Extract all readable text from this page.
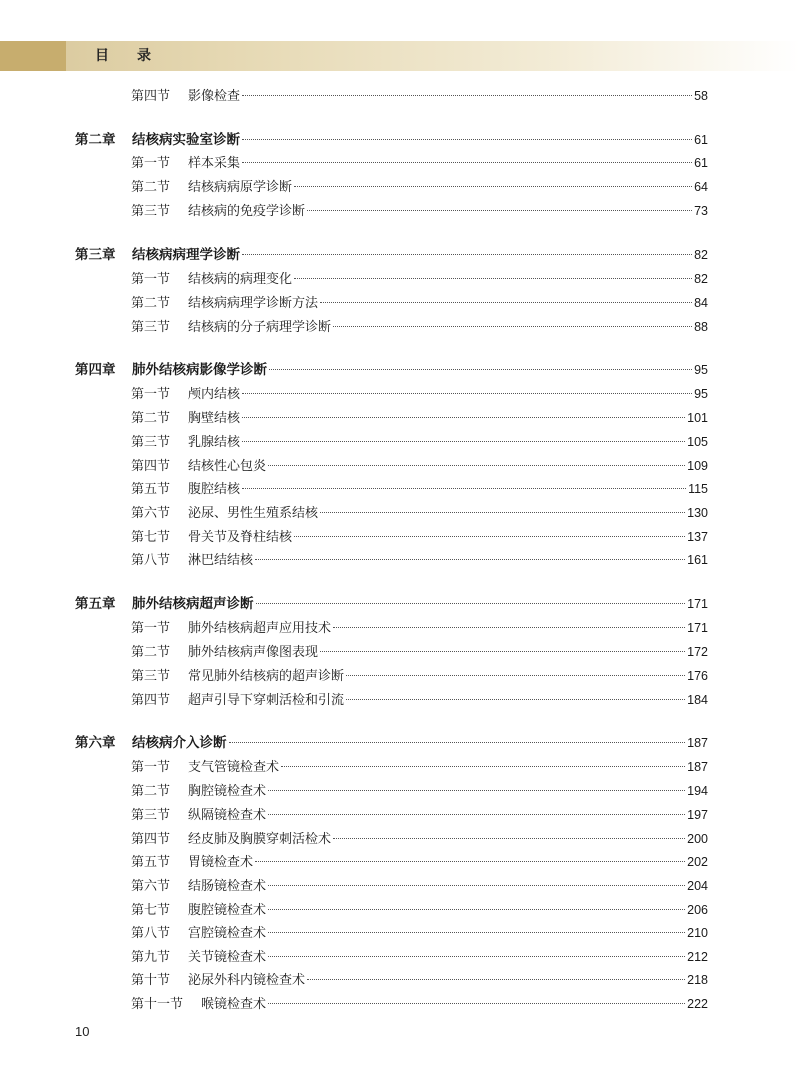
目录
第四节	影像检查	58
第二章	结核病实验室诊断	61
第一节	样本采集	61
第二节	结核病病原学诊断	64
第三节	结核病的免疫学诊断	73
第三章	结核病病理学诊断	82
第一节	结核病的病理变化	82
第二节	结核病病理学诊断方法	84
第三节	结核病的分子病理学诊断	88
第四章	肺外结核病影像学诊断	95
第一节	颅内结核	95
第二节	胸壁结核	101
第三节	乳腺结核	105
第四节	结核性心包炎	109
第五节	腹腔结核	115
第六节	泌尿、男性生殖系结核	130
第七节	骨关节及脊柱结核	137
第八节	淋巴结结核	161
第五章	肺外结核病超声诊断	171
第一节	肺外结核病超声应用技术	171
第二节	肺外结核病声像图表现	172
第三节	常见肺外结核病的超声诊断	176
第四节	超声引导下穿刺活检和引流	184
第六章	结核病介入诊断	187
第一节	支气管镜检查术	187
第二节	胸腔镜检查术	194
第三节	纵隔镜检查术	197
第四节	经皮肺及胸膜穿刺活检术	200
第五节	胃镜检查术	202
第六节	结肠镜检查术	204
第七节	腹腔镜检查术	206
第八节	宫腔镜检查术	210
第九节	关节镜检查术	212
第十节	泌尿外科内镜检查术	218
第十一节	喉镜检查术	222
10
